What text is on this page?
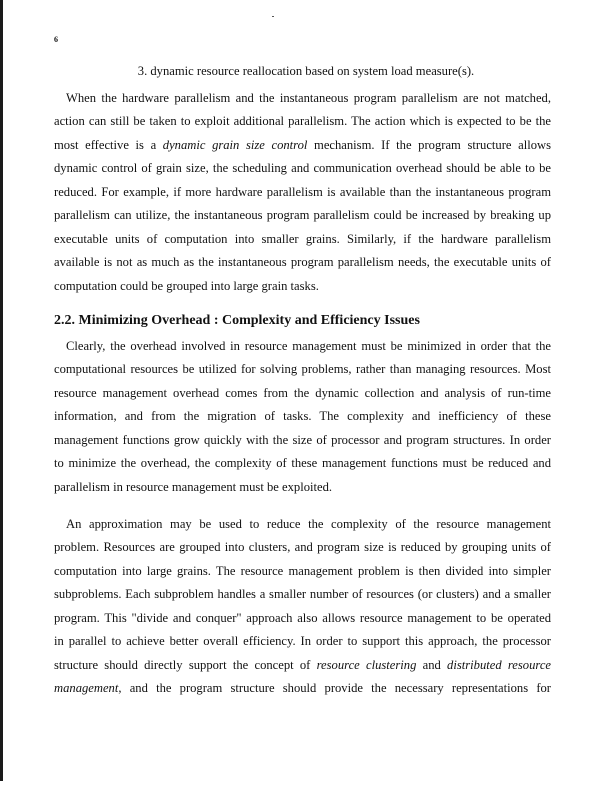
6
3. dynamic resource reallocation based on system load measure(s).
When the hardware parallelism and the instantaneous program parallelism are not matched,
action can still be taken to exploit additional parallelism. The action which is expected to be the
most effective is a dynamic grain size control mechanism. If the program structure allows
dynamic control of grain size, the scheduling and communication overhead should be able to be
reduced. For example, if more hardware parallelism is available than the instantaneous program
parallelism can utilize, the instantaneous program parallelism could be increased by breaking up
executable units of computation into smaller grains. Similarly, if the hardware parallelism
available is not as much as the instantaneous program parallelism needs, the executable units of
computation could be grouped into large grain tasks.
2.2. Minimizing Overhead : Complexity and Efficiency Issues
Clearly, the overhead involved in resource management must be minimized in order that the
computational resources be utilized for solving problems, rather than managing resources. Most
resource management overhead comes from the dynamic collection and analysis of run-time
information, and from the migration of tasks. The complexity and inefficiency of these
management functions grow quickly with the size of processor and program structures. In order
to minimize the overhead, the complexity of these management functions must be reduced and
parallelism in resource management must be exploited.
An approximation may be used to reduce the complexity of the resource management
problem. Resources are grouped into clusters, and program size is reduced by grouping units of
computation into large grains. The resource management problem is then divided into simpler
subproblems. Each subproblem handles a smaller number of resources (or clusters) and a smaller
program. This "divide and conquer" approach also allows resource management to be operated
in parallel to achieve better overall efficiency. In order to support this approach, the processor
structure should directly support the concept of resource clustering and distributed resource
management, and the program structure should provide the necessary representations for
